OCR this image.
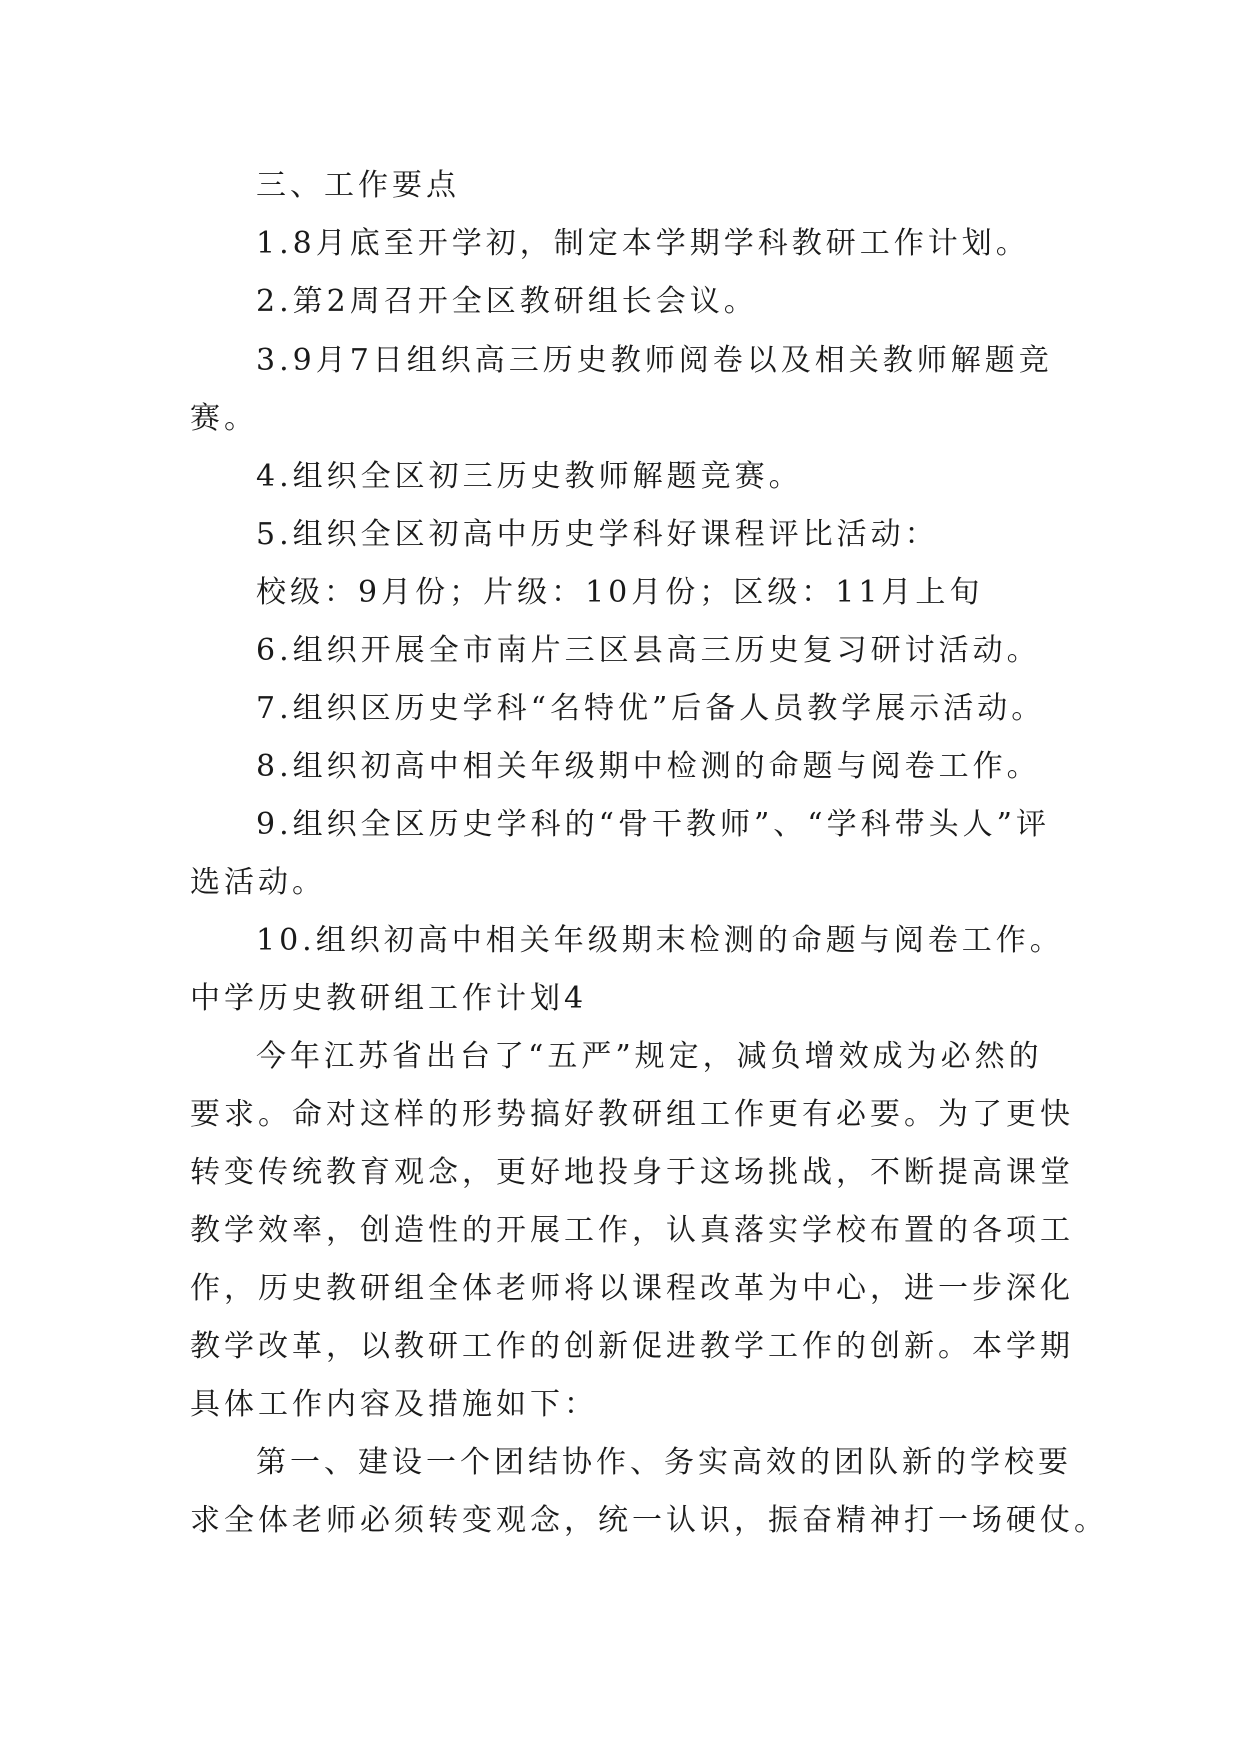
三、工作要点
1.8月底至开学初，制定本学期学科教研工作计划。
2.第2周召开全区教研组长会议。
3.9月7日组织高三历史教师阅卷以及相关教师解题竞
赛。
4.组织全区初三历史教师解题竞赛。
5.组织全区初高中历史学科好课程评比活动：
校级：9月份；片级：10月份；区级：11月上旬
6.组织开展全市南片三区县高三历史复习研讨活动。
7.组织区历史学科“名特优”后备人员教学展示活动。
8.组织初高中相关年级期中检测的命题与阅卷工作。
9.组织全区历史学科的“骨干教师”、“学科带头人”评
选活动。
10.组织初高中相关年级期末检测的命题与阅卷工作。
中学历史教研组工作计划4
今年江苏省出台了“五严”规定，减负增效成为必然的
要求。命对这样的形势搞好教研组工作更有必要。为了更快
转变传统教育观念，更好地投身于这场挑战，不断提高课堂
教学效率，创造性的开展工作，认真落实学校布置的各项工
作，历史教研组全体老师将以课程改革为中心，进一步深化
教学改革，以教研工作的创新促进教学工作的创新。本学期
具体工作内容及措施如下：
第一、建设一个团结协作、务实高效的团队新的学校要
求全体老师必须转变观念，统一认识，振奋精神打一场硬仗。
